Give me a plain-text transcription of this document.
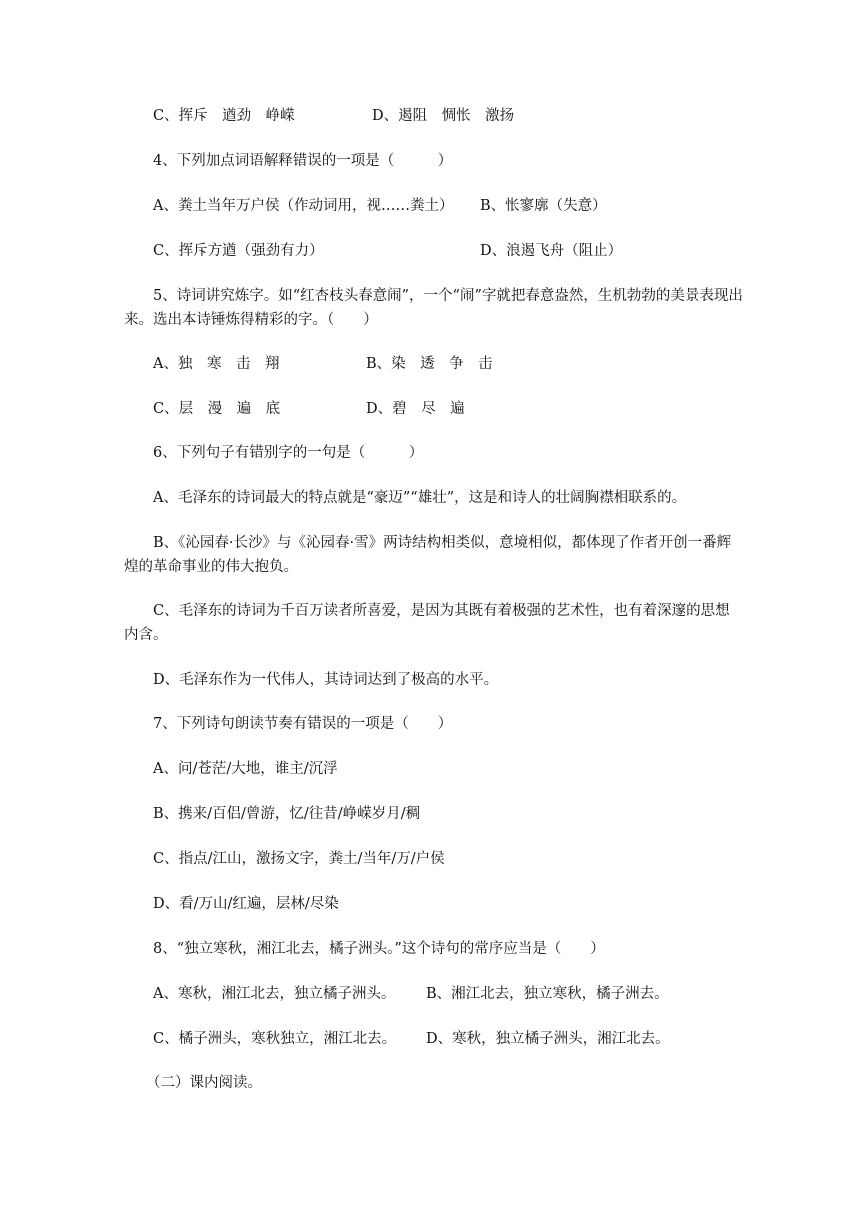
C、挥斥　遒劲　峥嵘	D、遏阻　惆怅　激扬
4、下列加点词语解释错误的一项是（　　　）
A、粪土当年万户侯（作动词用，视……粪土） B、怅寥廓（失意）
C、挥斥方遒（强劲有力）	D、浪遏飞舟（阻止）
5、诗词讲究炼字。如“红杏枝头春意闹”，一个“闹”字就把春意盎然，生机勃勃的美景表现出来。选出本诗锤炼得精彩的字。（　　）
A、独　寒　击　翔	B、染　透　争　击
C、层　漫　遍　底	D、碧　尽　遍
6、下列句子有错别字的一句是（　　　）
A、毛泽东的诗词最大的特点就是“豪迈”“雄壮”，这是和诗人的壮阔胸襟相联系的。
B、《沁园春·长沙》与《沁园春·雪》两诗结构相类似，意境相似，都体现了作者开创一番辉煌的革命事业的伟大抱负。
C、毛泽东的诗词为千百万读者所喜爱，是因为其既有着极强的艺术性，也有着深邃的思想内含。
D、毛泽东作为一代伟人，其诗词达到了极高的水平。
7、下列诗句朗读节奏有错误的一项是（　　）
A、问/苍茫/大地，谁主/沉浮
B、携来/百侣/曾游，忆/往昔/峥嵘岁月/稠
C、指点/江山，激扬文字，粪土/当年/万/户侯
D、看/万山/红遍，层林/尽染
8、“独立寒秋，湘江北去，橘子洲头。”这个诗句的常序应当是（　　）
A、寒秋，湘江北去，独立橘子洲头。 B、湘江北去，独立寒秋，橘子洲去。
C、橘子洲头，寒秋独立，湘江北去。 D、寒秋，独立橘子洲头，湘江北去。
（二）课内阅读。
